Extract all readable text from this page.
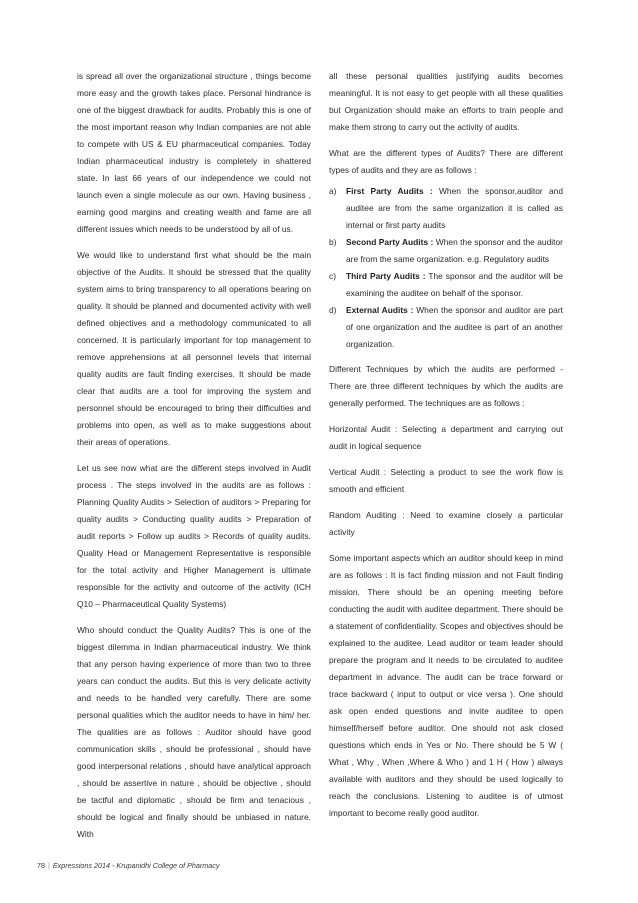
is spread all over the organizational structure , things become more easy and the growth takes place. Personal hindrance is one of the biggest drawback for audits. Probably this is one of the most important reason why Indian companies are not able to compete with US & EU pharmaceutical companies. Today Indian pharmaceutical industry is completely in shattered state. In last 66 years of our independence we could not launch even a single molecule as our own. Having business , earning good margins and creating wealth and fame are all different issues which needs to be understood by all of us.

We would like to understand first what should be the main objective of the Audits. It should be stressed that the quality system aims to bring transparency to all operations bearing on quality. It should be planned and documented activity with well defined objectives and a methodology communicated to all concerned. It is particularly important for top management to remove apprehensions at all personnel levels that internal quality audits are fault finding exercises. It should be made clear that audits are a tool for improving the system and personnel should be encouraged to bring their difficulties and problems into open, as well as to make suggestions about their areas of operations.

Let us see now what are the different steps involved in Audit process . The steps involved in the audits are as follows : Planning Quality Audits > Selection of auditors > Preparing for quality audits > Conducting quality audits > Preparation of audit reports > Follow up audits > Records of quality audits. Quality Head or Management Representative is responsible for the total activity and Higher Management is ultimate responsible for the activity and outcome of the activity (ICH Q10 – Pharmaceutical Quality Systems)

Who should conduct the Quality Audits? This is one of the biggest dilemma in Indian pharmaceutical industry. We think that any person having experience of more than two to three years can conduct the audits. But this is very delicate activity and needs to be handled very carefully. There are some personal qualities which the auditor needs to have in him/ her. The qualities are as follows : Auditor should have good communication skills , should be professional , should have good interpersonal relations , should have analytical approach , should be assertive in nature , should be objective , should be tactful and diplomatic , should be firm and tenacious , should be logical and finally should be unbiased in nature. With

all these personal qualities justifying audits becomes meaningful. It is not easy to get people with all these qualities but Organization should make an efforts to train people and make them strong to carry out the activity of audits.

What are the different types of Audits? There are different types of audits and they are as follows :

a) First Party Audits : When the sponsor,auditor and auditee are from the same organization it is called as internal or first party audits
b) Second Party Audits : When the sponsor and the auditor are from the same organization. e.g. Regulatory audits
c) Third Party Audits : The sponsor and the auditor will be examining the auditee on behalf of the sponsor.
d) External Audits : When the sponsor and auditor are part of one organization and the auditee is part of an another organization.

Different Techniques by which the audits are performed - There are three different techniques by which the audits are generally performed. The techniques are as follows :

Horizontal Audit : Selecting a department and carrying out audit in logical sequence

Vertical Audit : Selecting a product to see the work flow is smooth and efficient

Random Auditing : Need to examine closely a particular activity

Some important aspects which an auditor should keep in mind are as follows : It is fact finding mission and not Fault finding mission. There should be an opening meeting before conducting the audit with auditee department. There should be a statement of confidentiality. Scopes and objectives should be explained to the auditee. Lead auditor or team leader should prepare the program and it needs to be circulated to auditee department in advance. The audit can be trace forward or trace backward ( input to output or vice versa ). One should ask open ended questions and invite auditee to open himself/herself before auditor. One should not ask closed questions which ends in Yes or No. There should be 5 W ( What , Why , When ,Where & Who ) and 1 H ( How ) always available with auditors and they should be used logically to reach the conclusions. Listening to auditee is of utmost important to become really good auditor.

78 | Expressions 2014 - Krupanidhi College of Pharmacy
